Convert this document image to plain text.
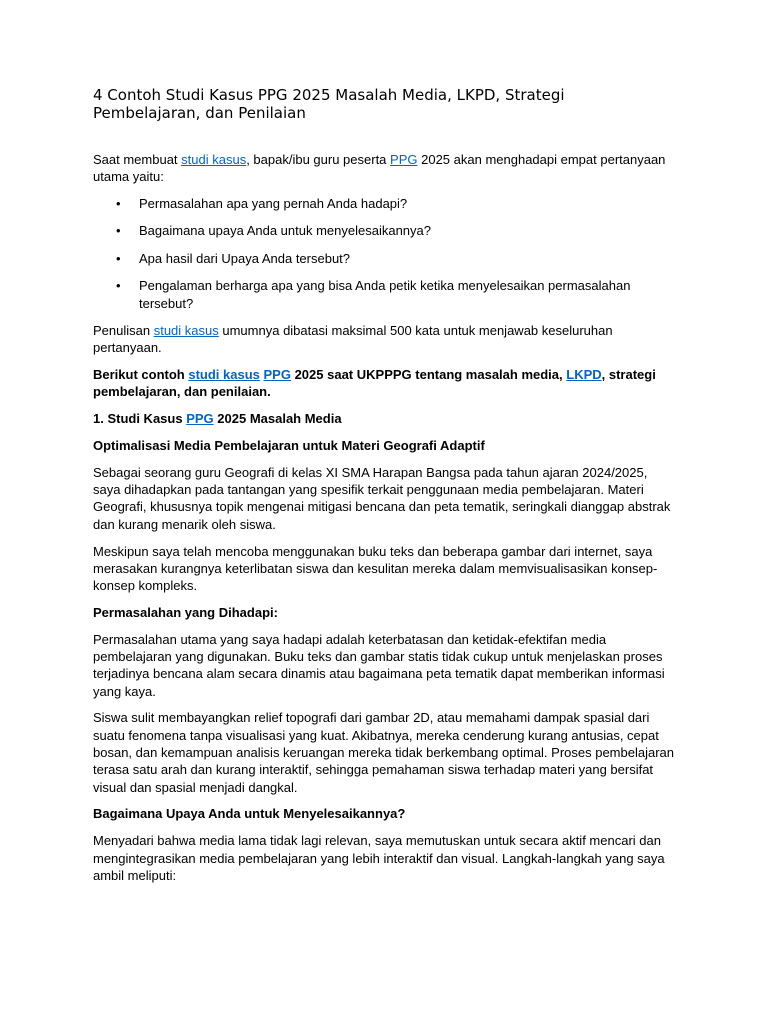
4 Contoh Studi Kasus PPG 2025 Masalah Media, LKPD, Strategi Pembelajaran, dan Penilaian

Saat membuat studi kasus, bapak/ibu guru peserta PPG 2025 akan menghadapi empat pertanyaan utama yaitu:

• Permasalahan apa yang pernah Anda hadapi?
• Bagaimana upaya Anda untuk menyelesaikannya?
• Apa hasil dari Upaya Anda tersebut?
• Pengalaman berharga apa yang bisa Anda petik ketika menyelesaikan permasalahan tersebut?

Penulisan studi kasus umumnya dibatasi maksimal 500 kata untuk menjawab keseluruhan pertanyaan.

Berikut contoh studi kasus PPG 2025 saat UKPPPG tentang masalah media, LKPD, strategi pembelajaran, dan penilaian.

1. Studi Kasus PPG 2025 Masalah Media

Optimalisasi Media Pembelajaran untuk Materi Geografi Adaptif

Sebagai seorang guru Geografi di kelas XI SMA Harapan Bangsa pada tahun ajaran 2024/2025, saya dihadapkan pada tantangan yang spesifik terkait penggunaan media pembelajaran. Materi Geografi, khususnya topik mengenai mitigasi bencana dan peta tematik, seringkali dianggap abstrak dan kurang menarik oleh siswa.

Meskipun saya telah mencoba menggunakan buku teks dan beberapa gambar dari internet, saya merasakan kurangnya keterlibatan siswa dan kesulitan mereka dalam memvisualisasikan konsep-konsep kompleks.

Permasalahan yang Dihadapi:

Permasalahan utama yang saya hadapi adalah keterbatasan dan ketidak-efektifan media pembelajaran yang digunakan. Buku teks dan gambar statis tidak cukup untuk menjelaskan proses terjadinya bencana alam secara dinamis atau bagaimana peta tematik dapat memberikan informasi yang kaya.

Siswa sulit membayangkan relief topografi dari gambar 2D, atau memahami dampak spasial dari suatu fenomena tanpa visualisasi yang kuat. Akibatnya, mereka cenderung kurang antusias, cepat bosan, dan kemampuan analisis keruangan mereka tidak berkembang optimal. Proses pembelajaran terasa satu arah dan kurang interaktif, sehingga pemahaman siswa terhadap materi yang bersifat visual dan spasial menjadi dangkal.

Bagaimana Upaya Anda untuk Menyelesaikannya?

Menyadari bahwa media lama tidak lagi relevan, saya memutuskan untuk secara aktif mencari dan mengintegrasikan media pembelajaran yang lebih interaktif dan visual. Langkah-langkah yang saya ambil meliputi:
